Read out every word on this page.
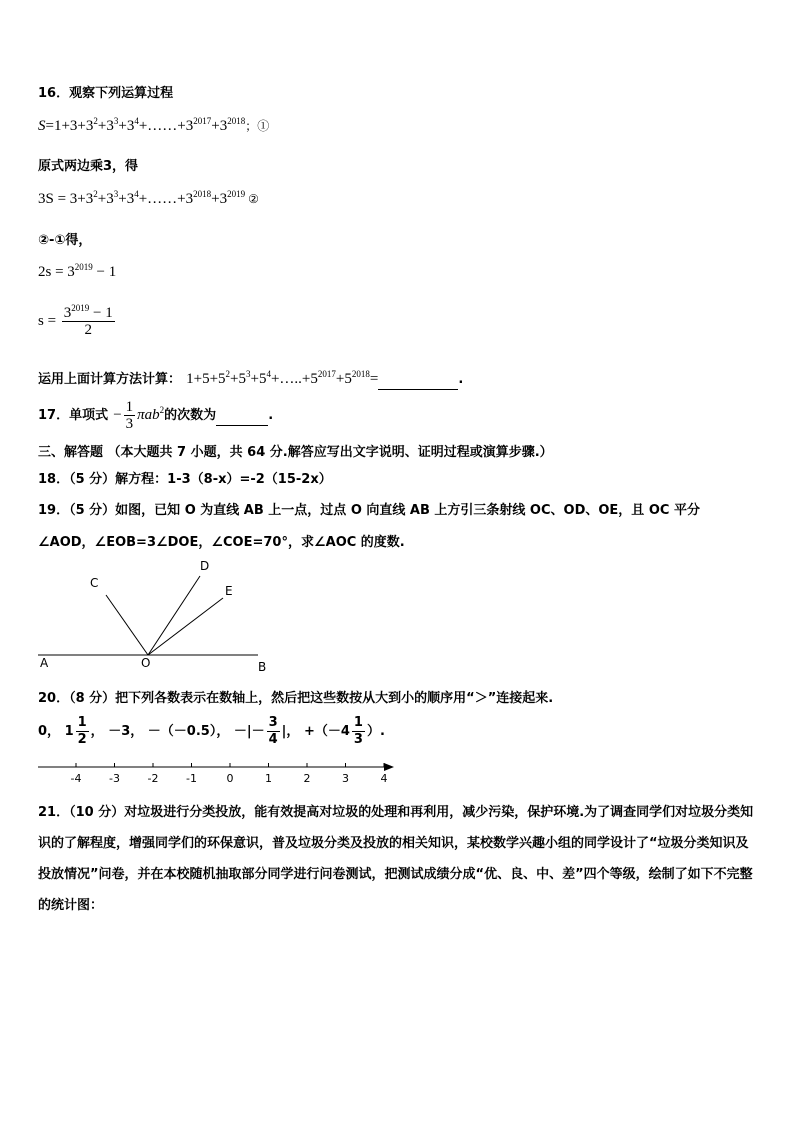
16．观察下列运算过程
$S=1+3+3^2+3^3+3^4+\dots\dots+3^{2017}+3^{2018}$；①
原式两边乘3，得
$3S = 3+3^2+3^3+3^4+\dots\dots+3^{2018}+3^{2019}$ ②
②-①得，
$2s = 3^{2019} - 1$
$s = \frac{3^{2019} - 1}{2}$
运用上面计算方法计算： $1+5+5^2+5^3+5^4+\dots..+5^{2017}+5^{2018}=$	.
17．单项式 − $\frac{1}{3} \pi ab^2$的次数为	.
三、解答题 （本大题共 7 小题，共 64 分.解答应写出文字说明、证明过程或演算步骤.）
18．（5 分）解方程：1-3（8-x）=-2（15-2x）
19．（5 分）如图，已知 O 为直线 AB 上一点，过点 O 向直线 AB 上方引三条射线 OC、OD、OE，且 OC 平分
∠AOD，∠EOB=3∠DOE，∠COE=70°，求∠AOC 的度数.
A	O	B
C
D
E
20．（8 分）把下列各数表示在数轴上，然后把这些数按从大到小的顺序用“＞”连接起来.
0， $1 \frac{1}{2}$ ， －3， －（－0.5）， －|－ $\frac{3}{4}$ |， $+(-4 \frac{1}{3}$ ）.
-4	-3	-2	-1	0	1	2	3	4
21．（10 分）对垃圾进行分类投放，能有效提高对垃圾的处理和再利用，减少污染，保护环境.为了调查同学们对垃圾分类知识的了解程度，增强同学们的环保意识，普及垃圾分类及投放的相关知识，某校数学兴趣小组的同学设计了“垃圾分类知识及投放情况”问卷，并在本校随机抽取部分同学进行问卷测试，把测试成绩分成“优、良、中、差”四个等级，绘制了如下不完整的统计图：
